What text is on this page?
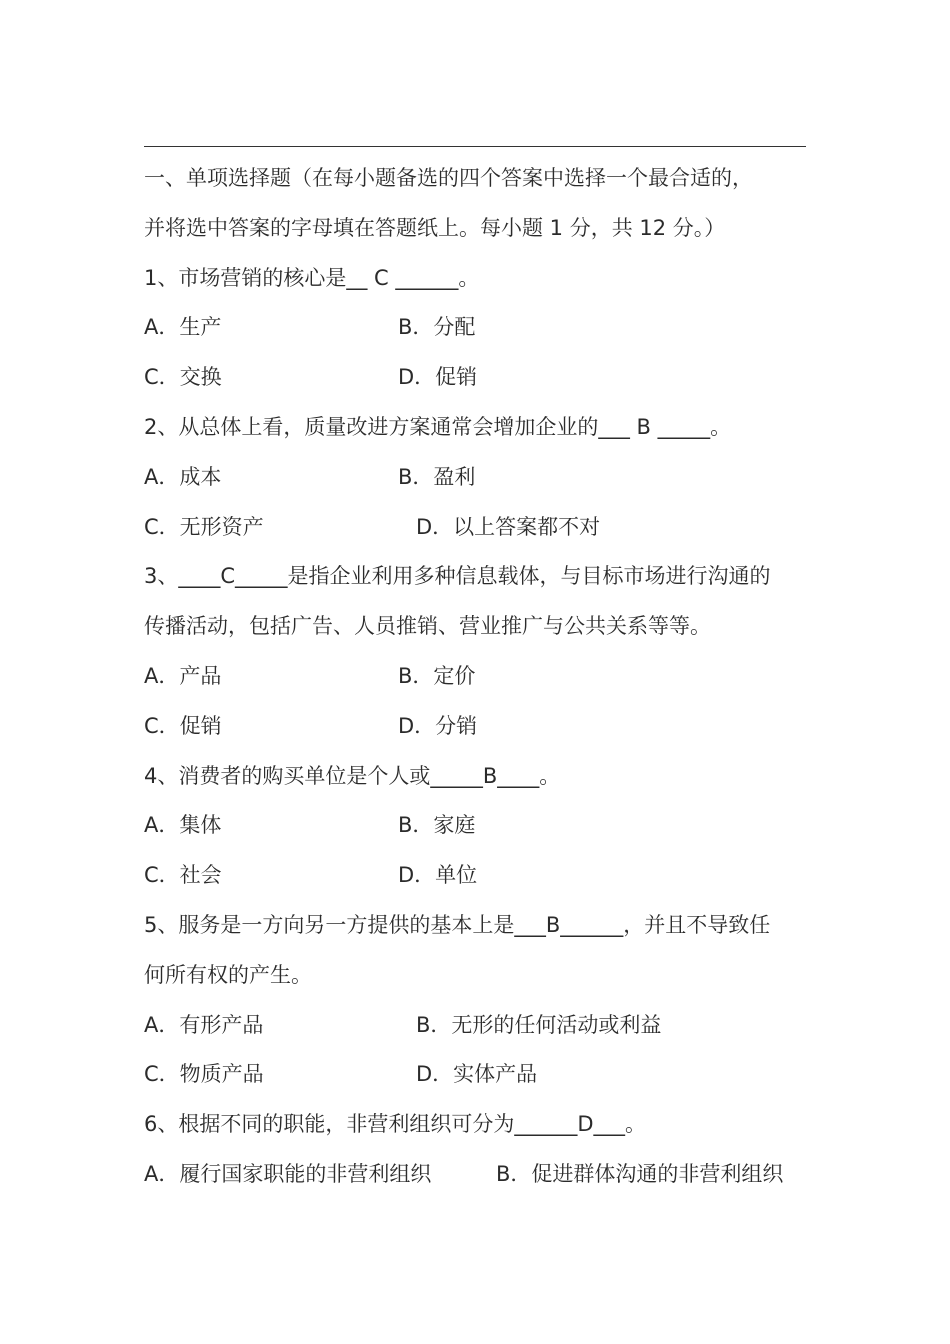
一、单项选择题（在每小题备选的四个答案中选择一个最合适的，
并将选中答案的字母填在答题纸上。每小题 1 分，共 12 分。）
1、市场营销的核心是__ C ______。
A．生产	B．分配
C．交换	D．促销
2、从总体上看，质量改进方案通常会增加企业的___ B _____。
A．成本	B．盈利
C．无形资产	D．以上答案都不对
3、____C_____是指企业利用多种信息载体，与目标市场进行沟通的
传播活动，包括广告、人员推销、营业推广与公共关系等等。
A．产品	B．定价
C．促销	D．分销
4、消费者的购买单位是个人或_____B____。
A．集体	B．家庭
C．社会	D．单位
5、服务是一方向另一方提供的基本上是___B______，并且不导致任
何所有权的产生。
A．有形产品	B．无形的任何活动或利益
C．物质产品	D．实体产品
6、根据不同的职能，非营利组织可分为______D___。
A．履行国家职能的非营利组织	B．促进群体沟通的非营利组织
